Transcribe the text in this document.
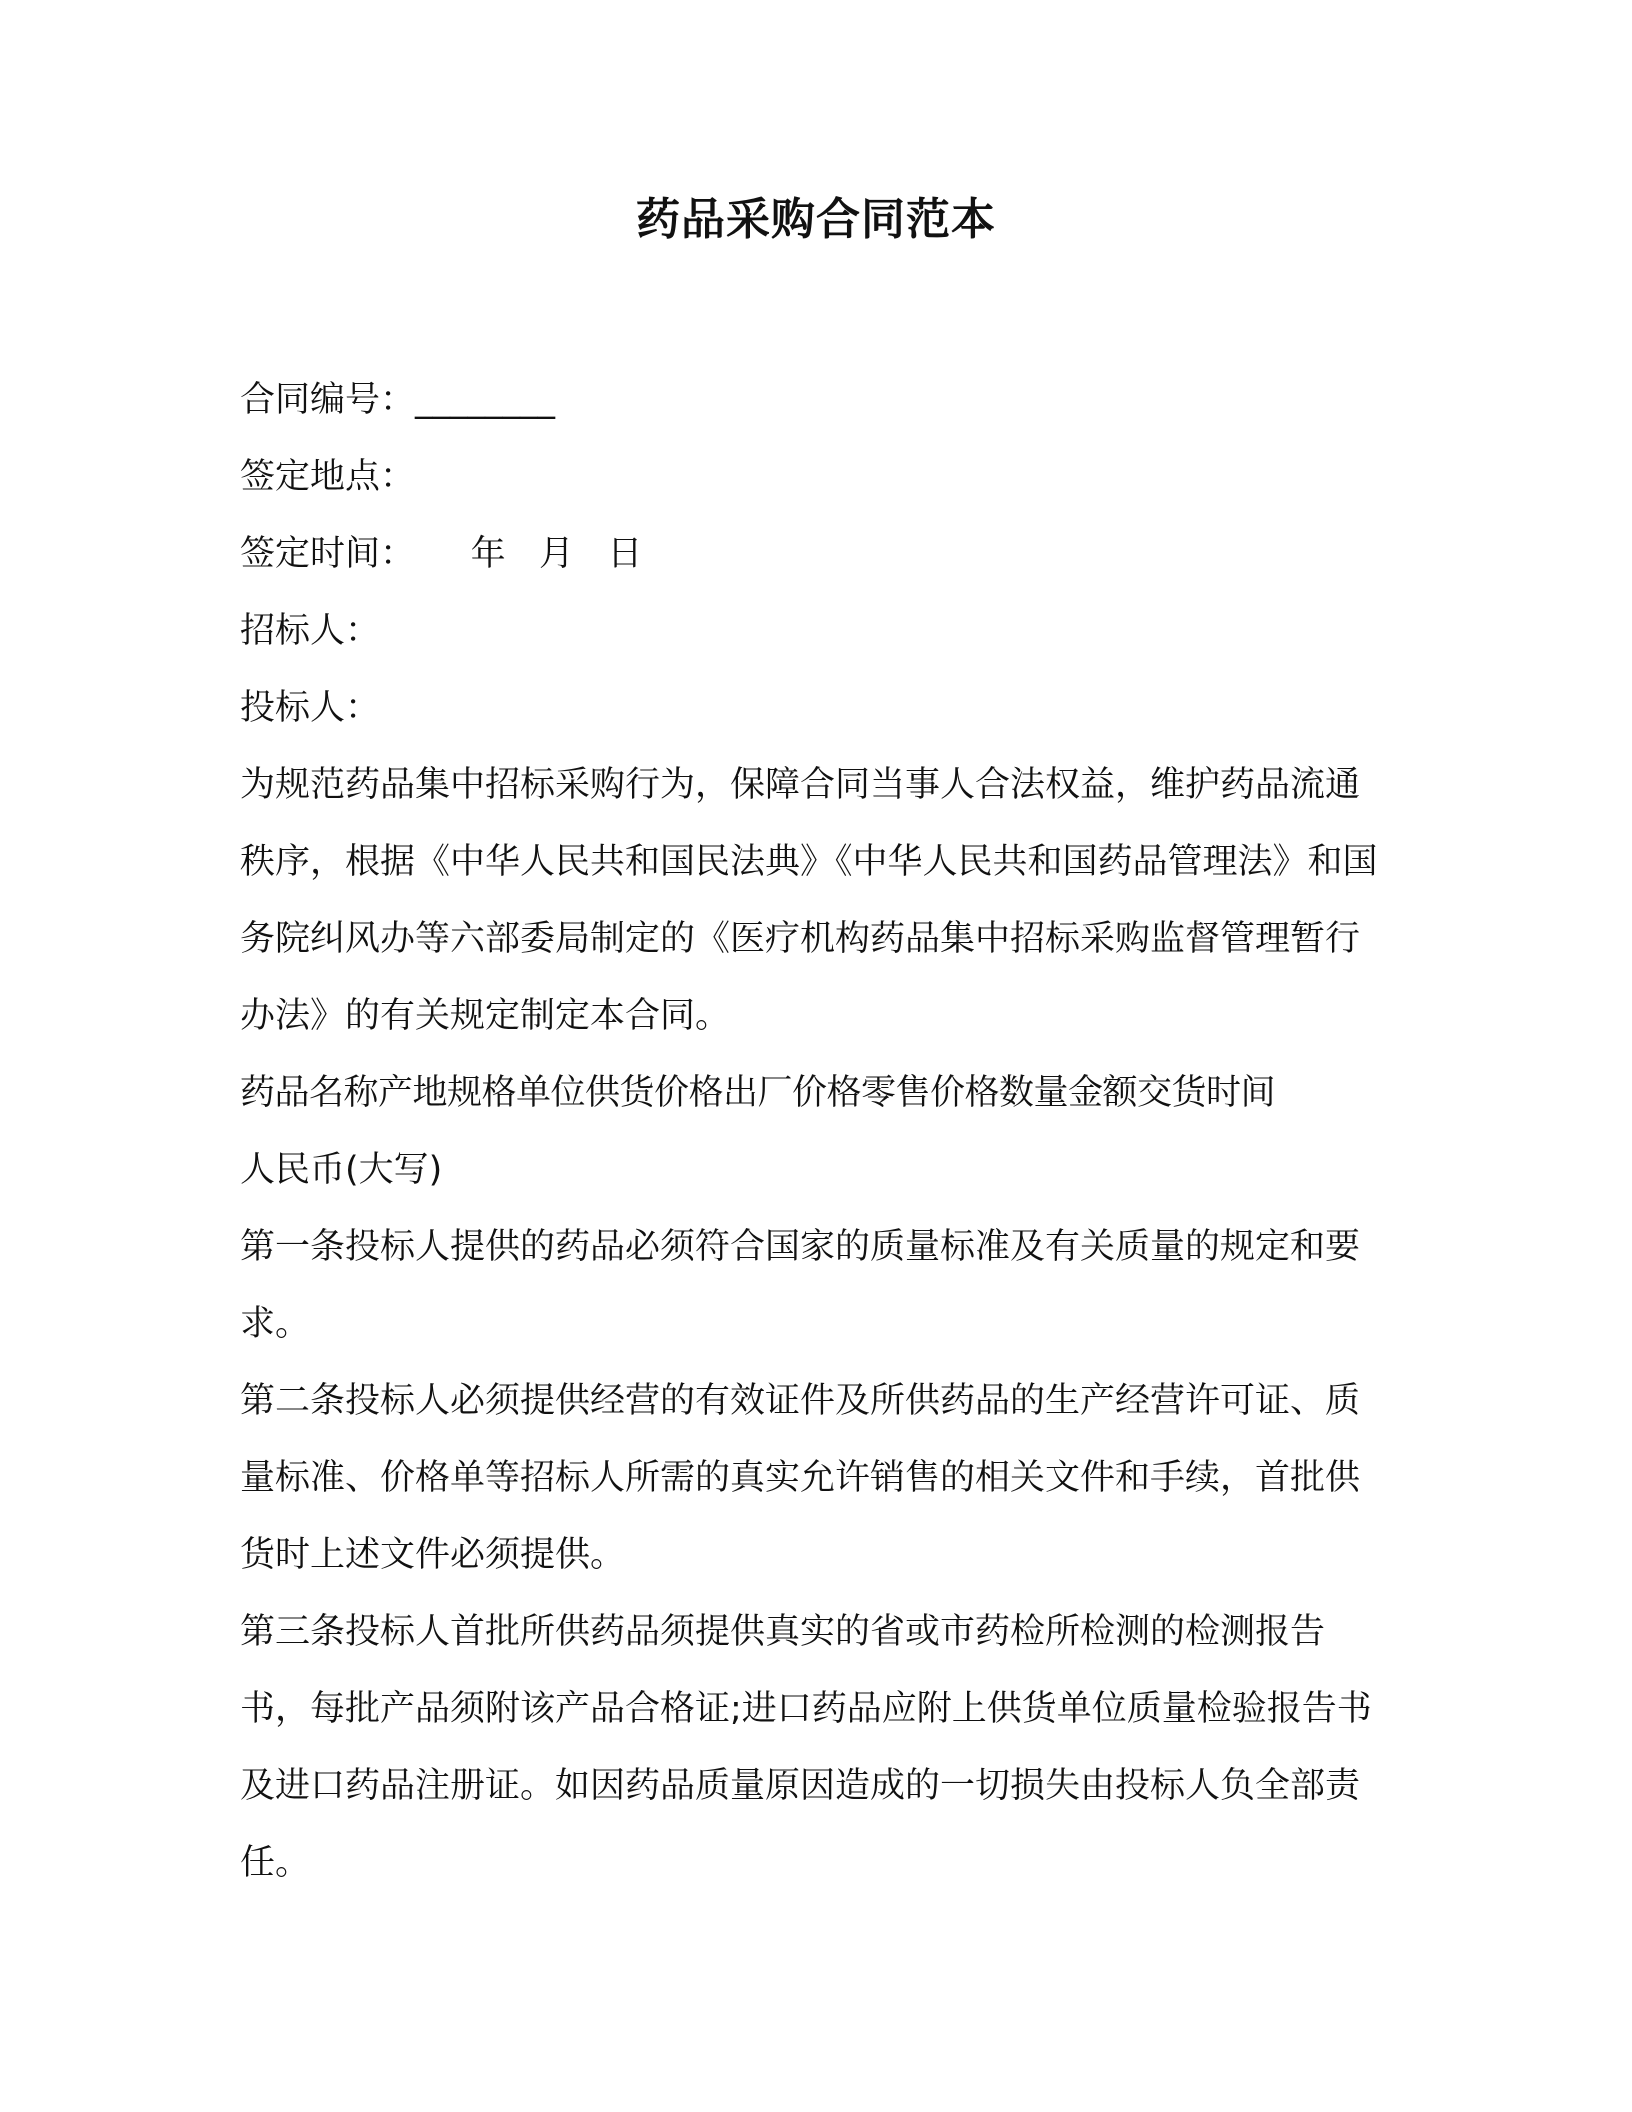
药品采购合同范本

合同编号：________

签定地点：

签定时间：     年   月   日

招标人：

投标人：

为规范药品集中招标采购行为，保障合同当事人合法权益，维护药品流通秩序，根据《中华人民共和国民法典》《中华人民共和国药品管理法》和国务院纠风办等六部委局制定的《医疗机构药品集中招标采购监督管理暂行办法》的有关规定制定本合同。

药品名称产地规格单位供货价格出厂价格零售价格数量金额交货时间

人民币(大写)

第一条投标人提供的药品必须符合国家的质量标准及有关质量的规定和要求。

第二条投标人必须提供经营的有效证件及所供药品的生产经营许可证、质量标准、价格单等招标人所需的真实允许销售的相关文件和手续，首批供货时上述文件必须提供。

第三条投标人首批所供药品须提供真实的省或市药检所检测的检测报告书，每批产品须附该产品合格证;进口药品应附上供货单位质量检验报告书及进口药品注册证。如因药品质量原因造成的一切损失由投标人负全部责任。
